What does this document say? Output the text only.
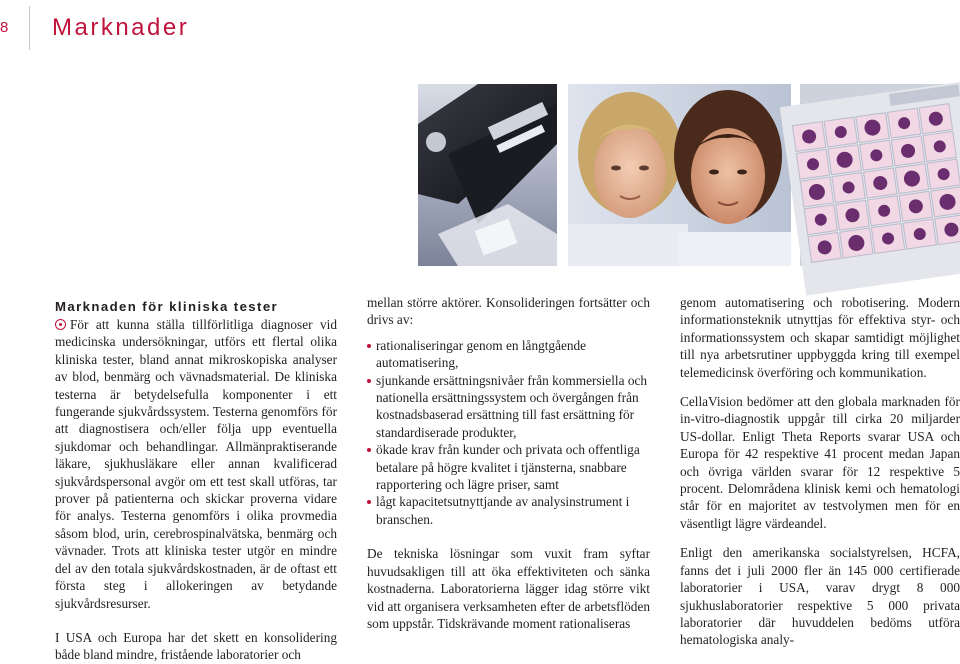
8 Marknader
Marknaden för kliniska tester

För att kunna ställa tillförlitliga diagnoser vid medicinska undersökningar, utförs ett flertal olika kliniska tester, bland annat mikroskopiska analyser av blod, benmärg och vävnadsmaterial. De kliniska testerna är betydelsefulla komponenter i ett fungerande sjukvårdssystem. Testerna genomförs för att diagnostisera och/eller följa upp eventuella sjukdomar och behandlingar. Allmänpraktiserande läkare, sjukhusläkare eller annan kvalificerad sjukvårdspersonal avgör om ett test skall utföras, tar prover på patienterna och skickar proverna vidare för analys. Testerna genomförs i olika provmedia såsom blod, urin, cerebrospinalvätska, benmärg och vävnader. Trots att kliniska tester utgör en mindre del av den totala sjukvårdskostnaden, är de oftast ett första steg i allokeringen av betydande sjukvårdsresurser.

I USA och Europa har det skett en konsolidering både bland mindre, fristående laboratorier och

mellan större aktörer. Konsolideringen fortsätter och drivs av:

rationaliseringar genom en långtgående automatisering,
sjunkande ersättningsnivåer från kommersiella och nationella ersättningssystem och övergången från kostnadsbaserad ersättning till fast ersättning för standardiserade produkter,
ökade krav från kunder och privata och offentliga betalare på högre kvalitet i tjänsterna, snabbare rapportering och lägre priser, samt
lågt kapacitetsutnyttjande av analysinstrument i branschen.

De tekniska lösningar som vuxit fram syftar huvudsakligen till att öka effektiviteten och sänka kostnaderna. Laboratorierna lägger idag större vikt vid att organisera verksamheten efter de arbetsflöden som uppstår. Tidskrävande moment rationaliseras

genom automatisering och robotisering. Modern informationsteknik utnyttjas för effektiva styr- och informationssystem och skapar samtidigt möjlighet till nya arbetsrutiner uppbyggda kring till exempel telemedicinsk överföring och kommunikation.

CellaVision bedömer att den globala marknaden för in-vitro-diagnostik uppgår till cirka 20 miljarder US-dollar. Enligt Theta Reports svarar USA och Europa för 42 respektive 41 procent medan Japan och övriga världen svarar för 12 respektive 5 procent. Delområdena klinisk kemi och hematologi står för en majoritet av testvolymen men för en väsentligt lägre värdeandel.

Enligt den amerikanska socialstyrelsen, HCFA, fanns det i juli 2000 fler än 145 000 certifierade laboratorier i USA, varav drygt 8 000 sjukhuslaboratorier respektive 5 000 privata laboratorier där huvuddelen bedöms utföra hematologiska analy-
